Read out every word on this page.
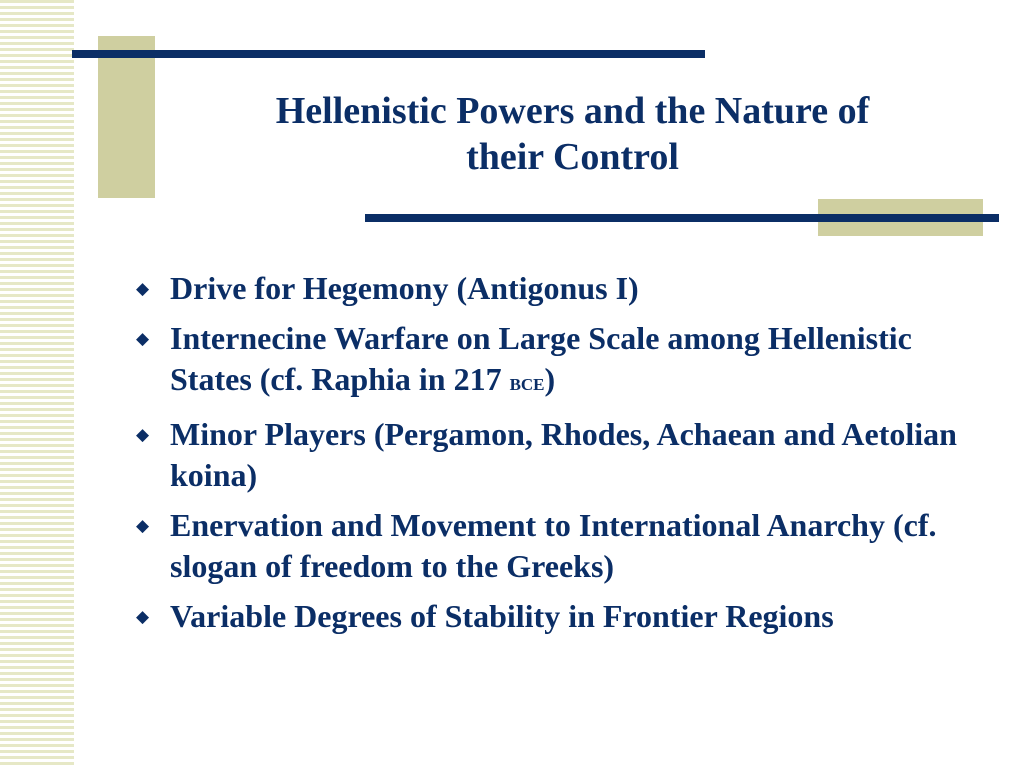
Hellenistic Powers and the Nature of
their Control
◆ Drive for Hegemony (Antigonus I)
◆ Internecine Warfare on Large Scale among Hellenistic States (cf. Raphia in 217 BCE)
◆ Minor Players (Pergamon, Rhodes, Achaean and Aetolian koina)
◆ Enervation and Movement to International Anarchy (cf. slogan of freedom to the Greeks)
◆ Variable Degrees of Stability in Frontier Regions
